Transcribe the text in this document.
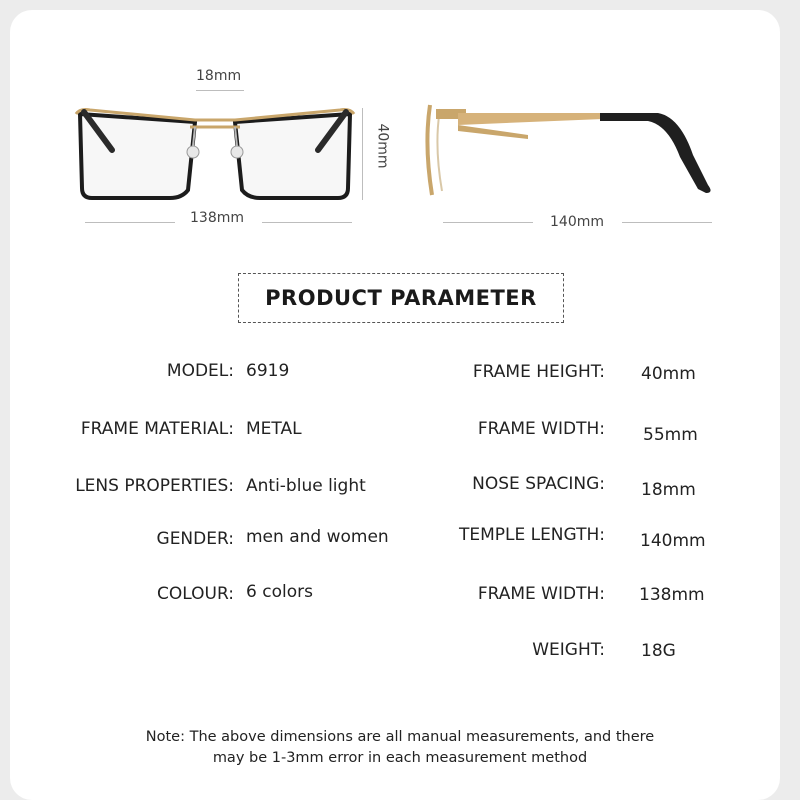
18mm
138mm
40mm
140mm
PRODUCT PARAMETER
MODEL: 6919
FRAME MATERIAL: METAL
LENS PROPERTIES: Anti-blue light
GENDER: men and women
COLOUR: 6 colors
FRAME HEIGHT: 40mm
FRAME WIDTH: 55mm
NOSE SPACING: 18mm
TEMPLE LENGTH: 140mm
FRAME WIDTH: 138mm
WEIGHT: 18G
Note: The above dimensions are all manual measurements, and there
may be 1-3mm error in each measurement method
